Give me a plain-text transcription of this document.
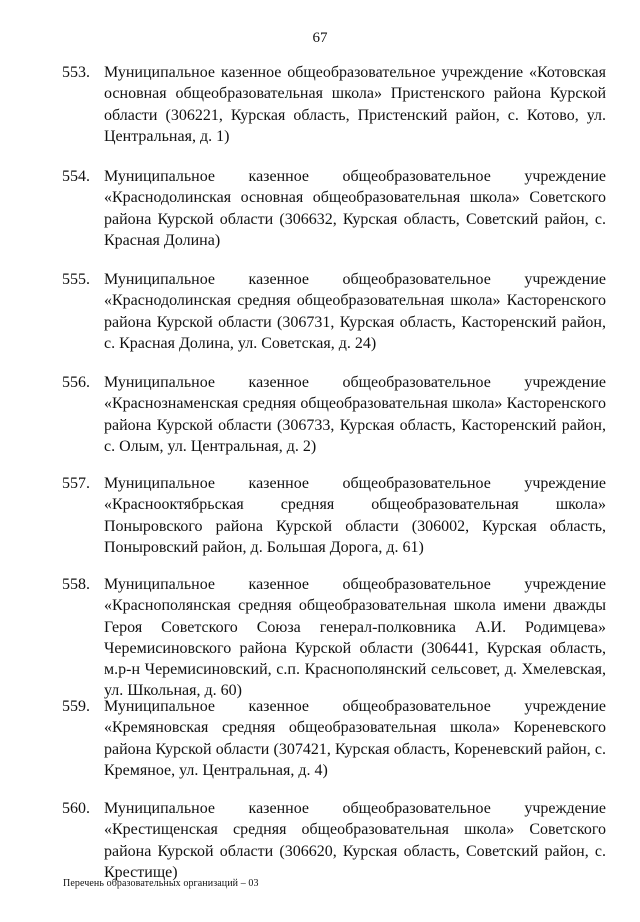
67
553. Муниципальное казенное общеобразовательное учреждение «Котовская основная общеобразовательная школа» Пристенского района Курской области (306221, Курская область, Пристенский район, с. Котово, ул. Центральная, д. 1)
554. Муниципальное казенное общеобразовательное учреждение «Краснодолинская основная общеобразовательная школа» Советского района Курской области (306632, Курская область, Советский район, с. Красная Долина)
555. Муниципальное казенное общеобразовательное учреждение «Краснодолинская средняя общеобразовательная школа» Касторенского района Курской области (306731, Курская область, Касторенский район, с. Красная Долина, ул. Советская, д. 24)
556. Муниципальное казенное общеобразовательное учреждение «Краснознаменская средняя общеобразовательная школа» Касторенского района Курской области (306733, Курская область, Касторенский район, с. Олым, ул. Центральная, д. 2)
557. Муниципальное казенное общеобразовательное учреждение «Краснооктябрьская средняя общеобразовательная школа» Поныровского района Курской области (306002, Курская область, Поныровский район, д. Большая Дорога, д. 61)
558. Муниципальное казенное общеобразовательное учреждение «Краснополянская средняя общеобразовательная школа имени дважды Героя Советского Союза генерал-полковника А.И. Родимцева» Черемисиновского района Курской области (306441, Курская область, м.р-н Черемисиновский, с.п. Краснополянский сельсовет, д. Хмелевская, ул. Школьная, д. 60)
559. Муниципальное казенное общеобразовательное учреждение «Кремяновская средняя общеобразовательная школа» Кореневского района Курской области (307421, Курская область, Кореневский район, с. Кремяное, ул. Центральная, д. 4)
560. Муниципальное казенное общеобразовательное учреждение «Крестищенская средняя общеобразовательная школа» Советского района Курской области (306620, Курская область, Советский район, с. Крестище)
Перечень образовательных организаций – 03
